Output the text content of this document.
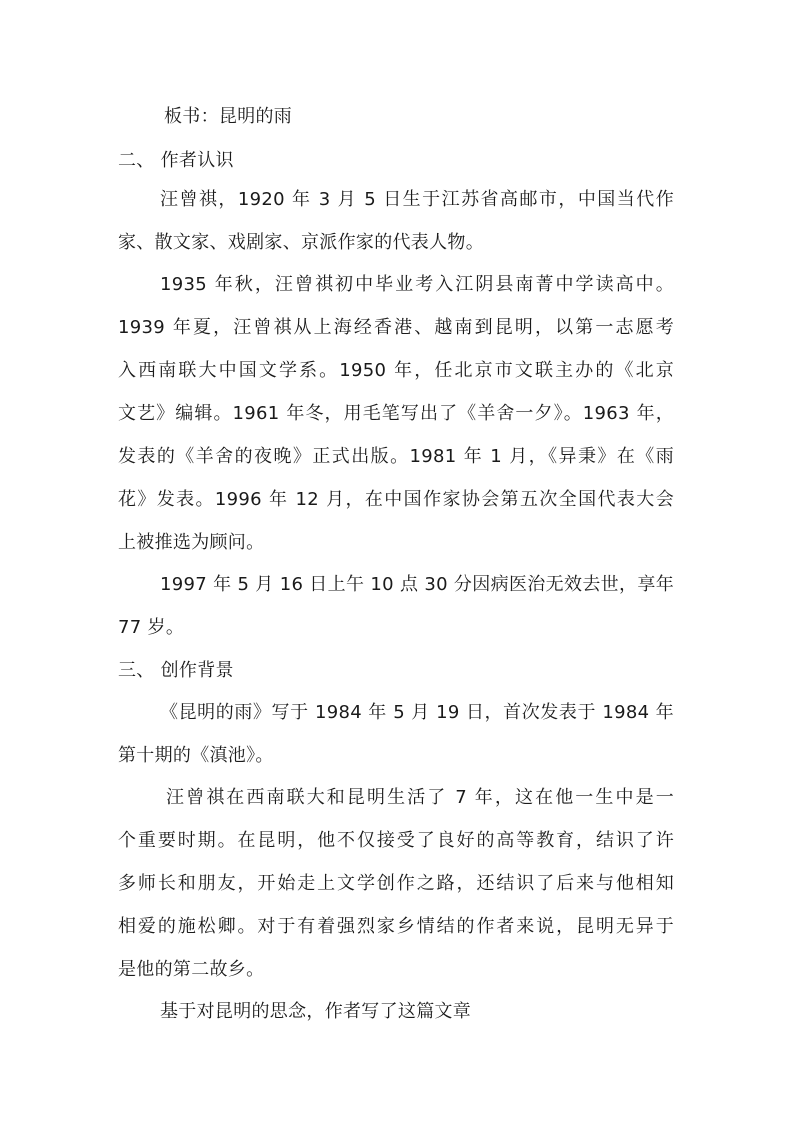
板书：昆明的雨

二、 作者认识

汪曾祺，1920 年 3 月 5 日生于江苏省高邮市，中国当代作

家、散文家、戏剧家、京派作家的代表人物。

1935 年秋，汪曾祺初中毕业考入江阴县南菁中学读高中。

1939 年夏，汪曾祺从上海经香港、越南到昆明，以第一志愿考

入西南联大中国文学系。1950 年，任北京市文联主办的《北京

文艺》编辑。1961 年冬，用毛笔写出了《羊舍一夕》。1963 年，

发表的《羊舍的夜晚》正式出版。1981 年 1 月，《异秉》在《雨

花》发表。1996 年 12 月，在中国作家协会第五次全国代表大会

上被推选为顾问。

1997 年 5 月 16 日上午 10 点 30 分因病医治无效去世，享年

77 岁。

三、 创作背景

《昆明的雨》写于 1984 年 5 月 19 日，首次发表于 1984 年

第十期的《滇池》。

汪曾祺在西南联大和昆明生活了 7 年，这在他一生中是一

个重要时期。在昆明，他不仅接受了良好的高等教育，结识了许

多师长和朋友，开始走上文学创作之路，还结识了后来与他相知

相爱的施松卿。对于有着强烈家乡情结的作者来说，昆明无异于

是他的第二故乡。

基于对昆明的思念，作者写了这篇文章
